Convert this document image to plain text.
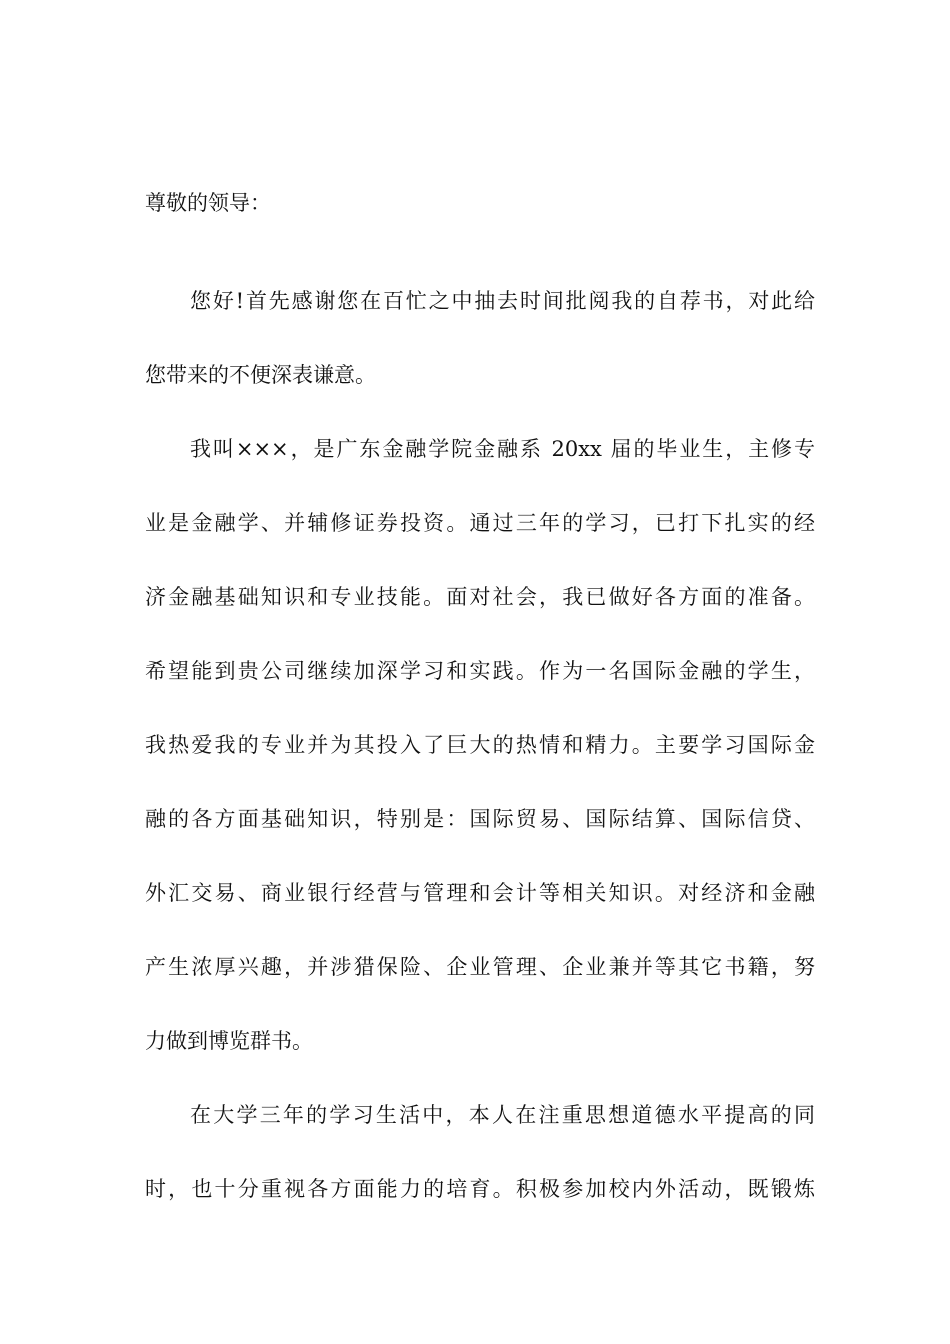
尊敬的领导：
您好!首先感谢您在百忙之中抽去时间批阅我的自荐书，对此给
您带来的不便深表谦意。
我叫×××，是广东金融学院金融系 20xx 届的毕业生，主修专
业是金融学、并辅修证券投资。通过三年的学习，已打下扎实的经
济金融基础知识和专业技能。面对社会，我已做好各方面的准备。
希望能到贵公司继续加深学习和实践。作为一名国际金融的学生，
我热爱我的专业并为其投入了巨大的热情和精力。主要学习国际金
融的各方面基础知识，特别是：国际贸易、国际结算、国际信贷、
外汇交易、商业银行经营与管理和会计等相关知识。对经济和金融
产生浓厚兴趣，并涉猎保险、企业管理、企业兼并等其它书籍，努
力做到博览群书。
在大学三年的学习生活中，本人在注重思想道德水平提高的同
时，也十分重视各方面能力的培育。积极参加校内外活动，既锻炼
